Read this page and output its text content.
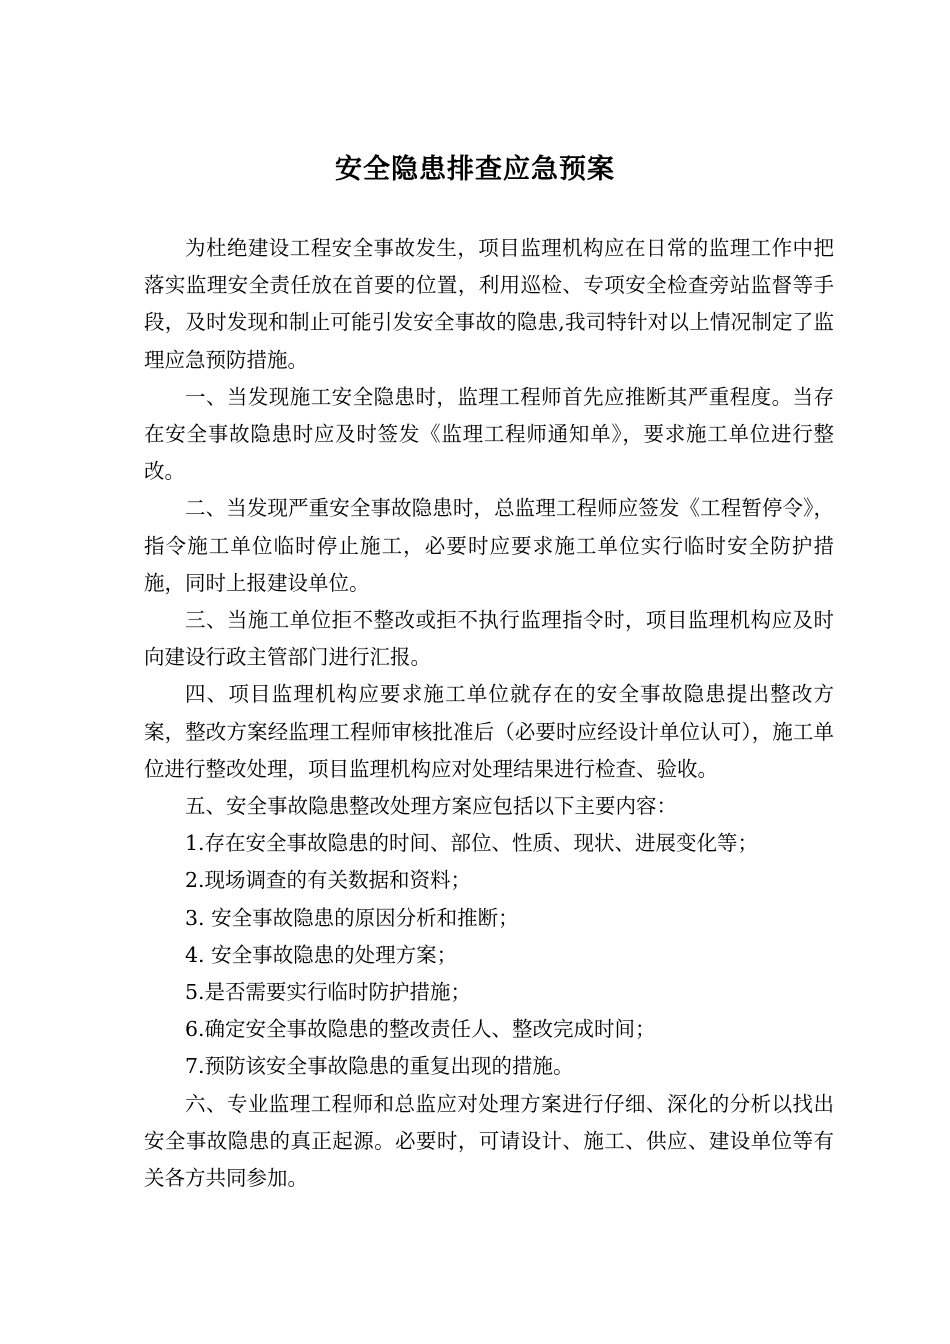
安全隐患排查应急预案

为杜绝建设工程安全事故发生，项目监理机构应在日常的监理工作中把落实监理安全责任放在首要的位置，利用巡检、专项安全检查旁站监督等手段，及时发现和制止可能引发安全事故的隐患,我司特针对以上情况制定了监理应急预防措施。

一、当发现施工安全隐患时，监理工程师首先应推断其严重程度。当存在安全事故隐患时应及时签发《监理工程师通知单》，要求施工单位进行整改。

二、当发现严重安全事故隐患时，总监理工程师应签发《工程暂停令》，指令施工单位临时停止施工，必要时应要求施工单位实行临时安全防护措施，同时上报建设单位。

三、当施工单位拒不整改或拒不执行监理指令时，项目监理机构应及时向建设行政主管部门进行汇报。

四、项目监理机构应要求施工单位就存在的安全事故隐患提出整改方案，整改方案经监理工程师审核批准后（必要时应经设计单位认可），施工单位进行整改处理，项目监理机构应对处理结果进行检查、验收。

五、安全事故隐患整改处理方案应包括以下主要内容：

1.存在安全事故隐患的时间、部位、性质、现状、进展变化等；

2.现场调查的有关数据和资料；

3. 安全事故隐患的原因分析和推断；

4. 安全事故隐患的处理方案；

5.是否需要实行临时防护措施；

6.确定安全事故隐患的整改责任人、整改完成时间；

7.预防该安全事故隐患的重复出现的措施。

六、专业监理工程师和总监应对处理方案进行仔细、深化的分析以找出安全事故隐患的真正起源。必要时，可请设计、施工、供应、建设单位等有关各方共同参加。
